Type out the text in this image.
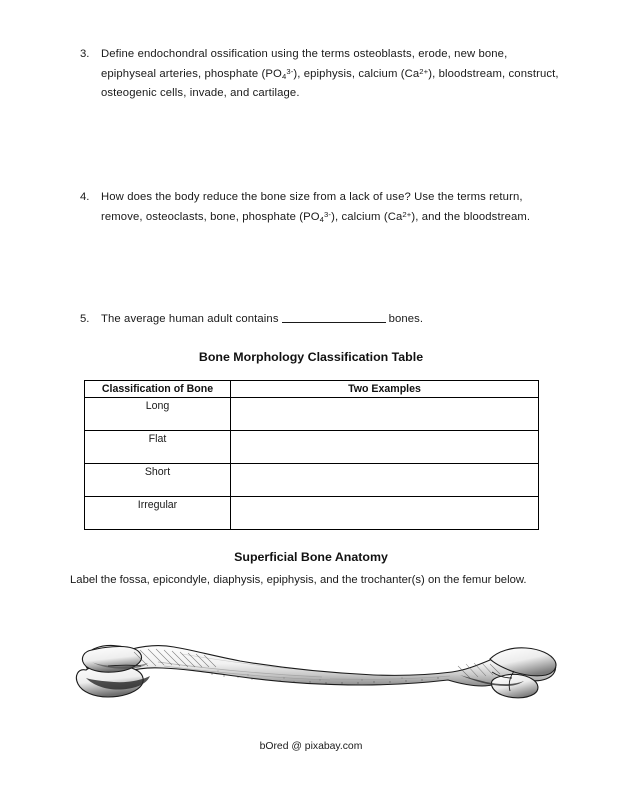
3.	Define endochondral ossification using the terms osteoblasts, erode, new bone, epiphyseal arteries, phosphate $(PO_4^{3-})$, epiphysis, calcium $(Ca^{2+})$, bloodstream, construct, osteogenic cells, invade, and cartilage.
4.	How does the body reduce the bone size from a lack of use? Use the terms return, remove, osteoclasts, bone, phosphate $(PO_4^{3-})$, calcium $(Ca^{2+})$, and the bloodstream.
5.	The average human adult contains	bones.
Bone Morphology Classification Table
Classification of Bone	Two Examples
Long	
Flat	
Short	
Irregular	
Superficial Bone Anatomy
Label the fossa, epicondyle, diaphysis, epiphysis, and the trochanter(s) on the femur below.
bOred @ pixabay.com
